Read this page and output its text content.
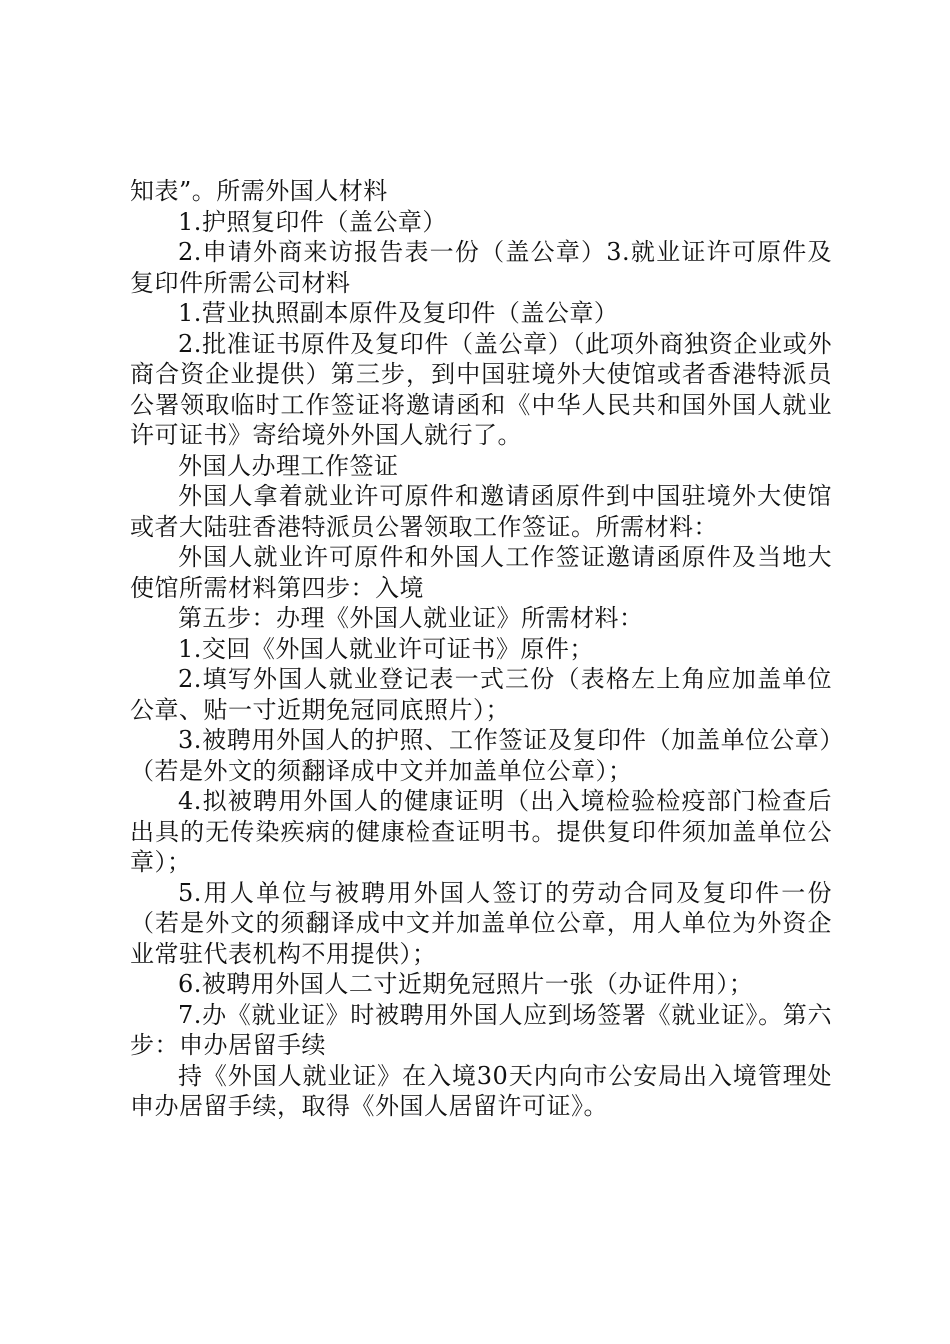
知表”。所需外国人材料

1.护照复印件（盖公章）

2.申请外商来访报告表一份（盖公章）3.就业证许可原件及复印件所需公司材料

1.营业执照副本原件及复印件（盖公章）

2.批准证书原件及复印件（盖公章）（此项外商独资企业或外商合资企业提供）第三步，到中国驻境外大使馆或者香港特派员公署领取临时工作签证将邀请函和《中华人民共和国外国人就业许可证书》寄给境外外国人就行了。

外国人办理工作签证

外国人拿着就业许可原件和邀请函原件到中国驻境外大使馆或者大陆驻香港特派员公署领取工作签证。所需材料：

外国人就业许可原件和外国人工作签证邀请函原件及当地大使馆所需材料第四步：入境

第五步：办理《外国人就业证》所需材料：

1.交回《外国人就业许可证书》原件；

2.填写外国人就业登记表一式三份（表格左上角应加盖单位公章、贴一寸近期免冠同底照片）；

3.被聘用外国人的护照、工作签证及复印件（加盖单位公章）（若是外文的须翻译成中文并加盖单位公章）；

4.拟被聘用外国人的健康证明（出入境检验检疫部门检查后出具的无传染疾病的健康检查证明书。提供复印件须加盖单位公章）；

5.用人单位与被聘用外国人签订的劳动合同及复印件一份（若是外文的须翻译成中文并加盖单位公章，用人单位为外资企业常驻代表机构不用提供）；

6.被聘用外国人二寸近期免冠照片一张（办证件用）；

7.办《就业证》时被聘用外国人应到场签署《就业证》。第六步：申办居留手续

持《外国人就业证》在入境30天内向市公安局出入境管理处申办居留手续，取得《外国人居留许可证》。
